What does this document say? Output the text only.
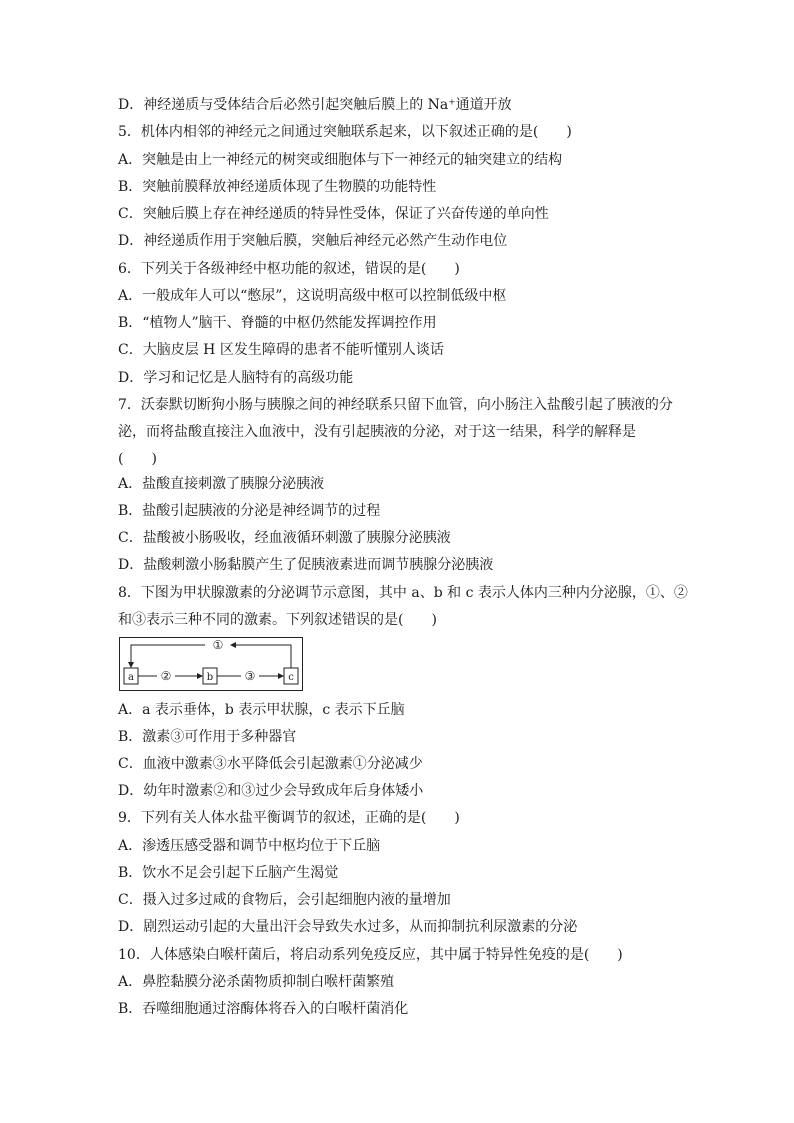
D．神经递质与受体结合后必然引起突触后膜上的 Na⁺通道开放
5．机体内相邻的神经元之间通过突触联系起来，以下叙述正确的是(　　)
A．突触是由上一神经元的树突或细胞体与下一神经元的轴突建立的结构
B．突触前膜释放神经递质体现了生物膜的功能特性
C．突触后膜上存在神经递质的特异性受体，保证了兴奋传递的单向性
D．神经递质作用于突触后膜，突触后神经元必然产生动作电位
6．下列关于各级神经中枢功能的叙述，错误的是(　　)
A．一般成年人可以“憋尿”，这说明高级中枢可以控制低级中枢
B．“植物人”脑干、脊髓的中枢仍然能发挥调控作用
C．大脑皮层 H 区发生障碍的患者不能听懂别人谈话
D．学习和记忆是人脑特有的高级功能
7．沃泰默切断狗小肠与胰腺之间的神经联系只留下血管，向小肠注入盐酸引起了胰液的分
泌，而将盐酸直接注入血液中，没有引起胰液的分泌，对于这一结果，科学的解释是
(　　)
A．盐酸直接刺激了胰腺分泌胰液
B．盐酸引起胰液的分泌是神经调节的过程
C．盐酸被小肠吸收，经血液循环刺激了胰腺分泌胰液
D．盐酸刺激小肠黏膜产生了促胰液素进而调节胰腺分泌胰液
8．下图为甲状腺激素的分泌调节示意图，其中 a、b 和 c 表示人体内三种内分泌腺，①、②
和③表示三种不同的激素。下列叙述错误的是(　　)
①
a	b	c
②	③
A．a 表示垂体，b 表示甲状腺，c 表示下丘脑
B．激素③可作用于多种器官
C．血液中激素③水平降低会引起激素①分泌减少
D．幼年时激素②和③过少会导致成年后身体矮小
9．下列有关人体水盐平衡调节的叙述，正确的是(　　)
A．渗透压感受器和调节中枢均位于下丘脑
B．饮水不足会引起下丘脑产生渴觉
C．摄入过多过咸的食物后，会引起细胞内液的量增加
D．剧烈运动引起的大量出汗会导致失水过多，从而抑制抗利尿激素的分泌
10．人体感染白喉杆菌后，将启动系列免疫反应，其中属于特异性免疫的是(　　)
A．鼻腔黏膜分泌杀菌物质抑制白喉杆菌繁殖
B．吞噬细胞通过溶酶体将吞入的白喉杆菌消化
